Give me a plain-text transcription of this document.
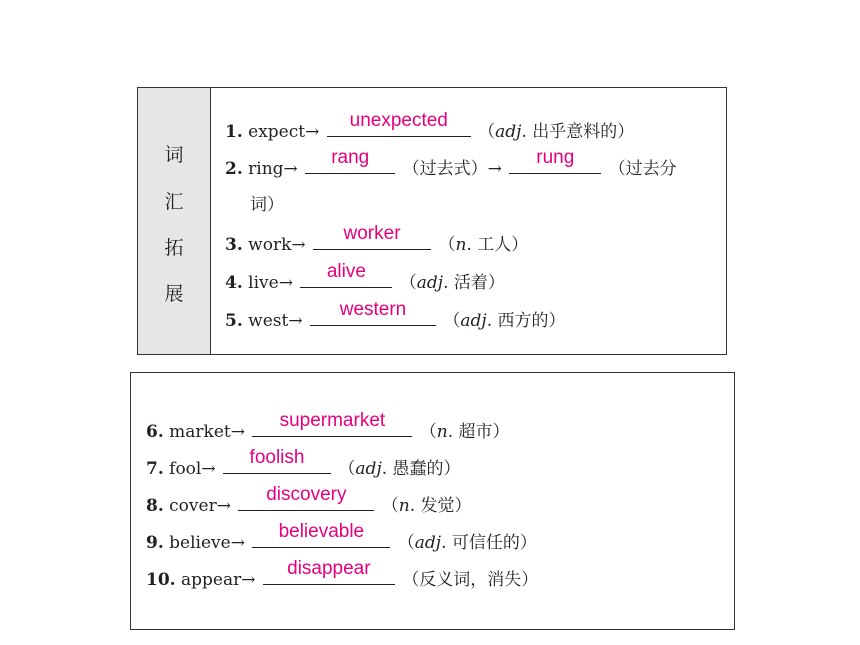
词
汇
拓
展
1. expect→
unexpected
（adj. 出乎意料的）
2. ring→
rang
（过去式）→
rung
（过去分
词）
3. work→
worker
（n. 工人）
4. live→
alive
（adj. 活着）
5. west→
western
（adj. 西方的）
6. market→
supermarket
（n. 超市）
7. fool→
foolish
（adj. 愚蠢的）
8. cover→
discovery
（n. 发觉）
9. believe→
believable
（adj. 可信任的）
10. appear→
disappear
（反义词，消失）
